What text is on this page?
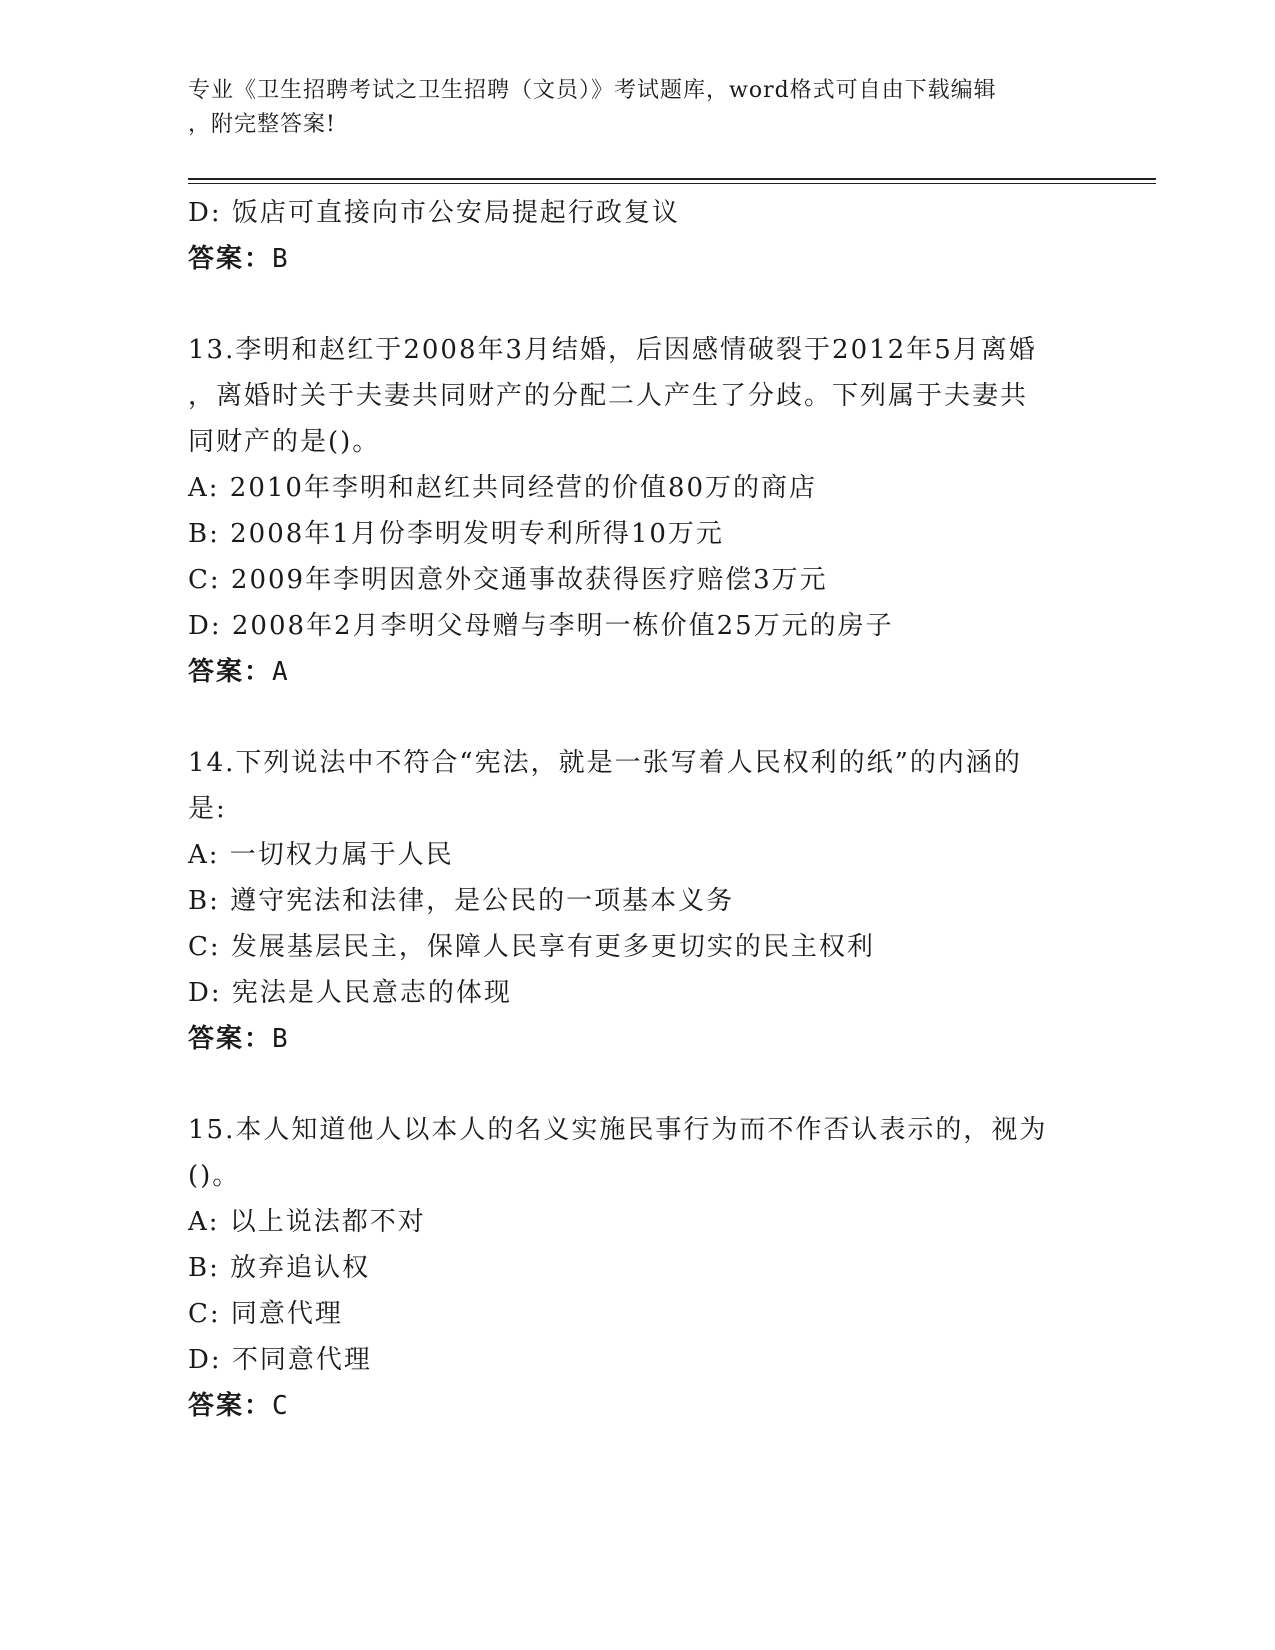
专业《卫生招聘考试之卫生招聘（文员）》考试题库，word格式可自由下载编辑
，附完整答案!
D: 饭店可直接向市公安局提起行政复议
答案：B
13.李明和赵红于2008年3月结婚，后因感情破裂于2012年5月离婚
，离婚时关于夫妻共同财产的分配二人产生了分歧。下列属于夫妻共
同财产的是()。
A: 2010年李明和赵红共同经营的价值80万的商店
B: 2008年1月份李明发明专利所得10万元
C: 2009年李明因意外交通事故获得医疗赔偿3万元
D: 2008年2月李明父母赠与李明一栋价值25万元的房子
答案：A
14.下列说法中不符合“宪法，就是一张写着人民权利的纸”的内涵的
是:
A: 一切权力属于人民
B: 遵守宪法和法律，是公民的一项基本义务
C: 发展基层民主，保障人民享有更多更切实的民主权利
D: 宪法是人民意志的体现
答案：B
15.本人知道他人以本人的名义实施民事行为而不作否认表示的，视为
()。
A: 以上说法都不对
B: 放弃追认权
C: 同意代理
D: 不同意代理
答案：C
